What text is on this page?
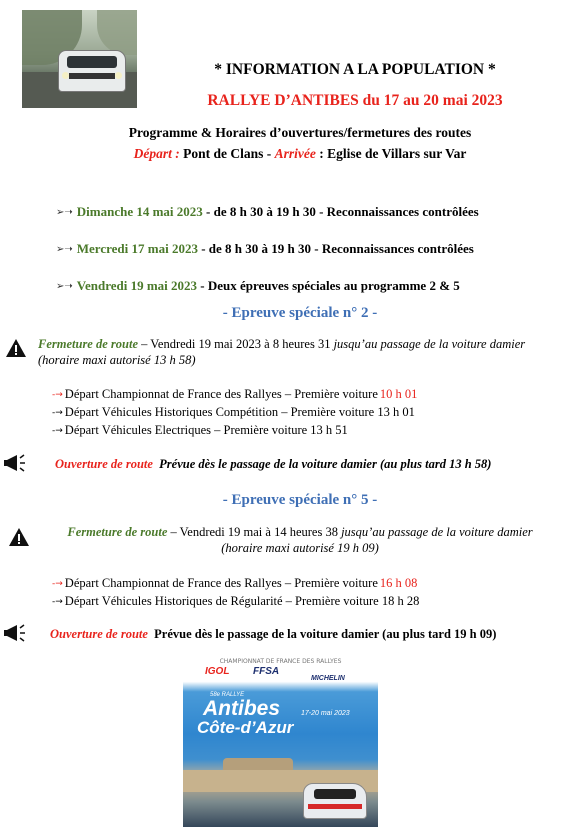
* INFORMATION A LA POPULATION *
RALLYE D’ANTIBES du 17 au 20 mai 2023
Programme & Horaires d’ouvertures/fermetures des routes
Départ : Pont de Clans - Arrivée : Eglise de Villars sur Var
➢➝ Dimanche 14 mai 2023 - de 8 h 30 à 19 h 30 - Reconnaissances contrôlées
➢➝ Mercredi 17 mai 2023 - de 8 h 30 à 19 h 30 - Reconnaissances contrôlées
➢➝ Vendredi 19 mai 2023 - Deux épreuves spéciales au programme 2 & 5
- Epreuve spéciale n° 2 -
Fermeture de route – Vendredi 19 mai 2023 à 8 heures 31 jusqu’au passage de la voiture damier (horaire maxi autorisé 13 h 58)
-→ Départ Championnat de France des Rallyes – Première voiture 10 h 01
-→ Départ Véhicules Historiques Compétition – Première voiture 13 h 01
-→ Départ Véhicules Electriques – Première voiture 13 h 51
Ouverture de route Prévue dès le passage de la voiture damier (au plus tard 13 h 58)
- Epreuve spéciale n° 5 -
Fermeture de route – Vendredi 19 mai à 14 heures 38 jusqu’au passage de la voiture damier (horaire maxi autorisé 19 h 09)
-→ Départ Championnat de France des Rallyes – Première voiture 16 h 08
-→ Départ Véhicules Historiques de Régularité – Première voiture 18 h 28
Ouverture de route Prévue dès le passage de la voiture damier (au plus tard 19 h 09)
CHAMPIONNAT DE FRANCE DES RALLYES
IGOL FFSA
MICHELIN
58e RALLYE
Antibes
Côte-d’Azur
17-20 mai 2023
